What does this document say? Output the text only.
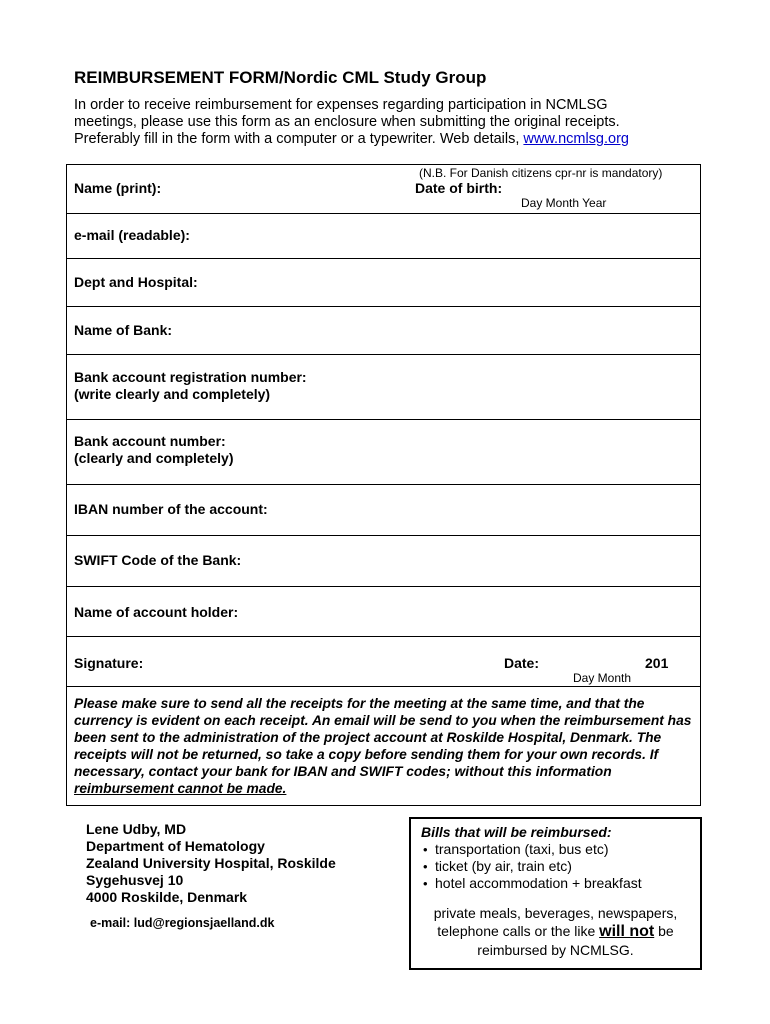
REIMBURSEMENT FORM/Nordic CML Study Group
In order to receive reimbursement for expenses regarding participation in NCMLSG
meetings, please use this form as an enclosure when submitting the original receipts.
Preferably fill in the form with a computer or a typewriter. Web details, www.ncmlsg.org
(N.B. For Danish citizens cpr-nr is mandatory)
Name (print):	Date of birth:
Day Month Year
e-mail (readable):
Dept and Hospital:
Name of Bank:
Bank account registration number:
(write clearly and completely)
Bank account number:
(clearly and completely)
IBAN number of the account:
SWIFT Code of the Bank:
Name of account holder:
Signature:	Date:	201
Day Month
Please make sure to send all the receipts for the meeting at the same time, and that the currency is evident on each receipt. An email will be send to you when the reimbursement has been sent to the administration of the project account at Roskilde Hospital, Denmark. The receipts will not be returned, so take a copy before sending them for your own records. If necessary, contact your bank for IBAN and SWIFT codes; without this information reimbursement cannot be made.
Lene Udby, MD
Department of Hematology
Zealand University Hospital, Roskilde
Sygehusvej 10
4000 Roskilde, Denmark
e-mail: lud@regionsjaelland.dk
Bills that will be reimbursed:
• transportation (taxi, bus etc)
• ticket (by air, train etc)
• hotel accommodation + breakfast
private meals, beverages, newspapers, telephone calls or the like will not be reimbursed by NCMLSG.
